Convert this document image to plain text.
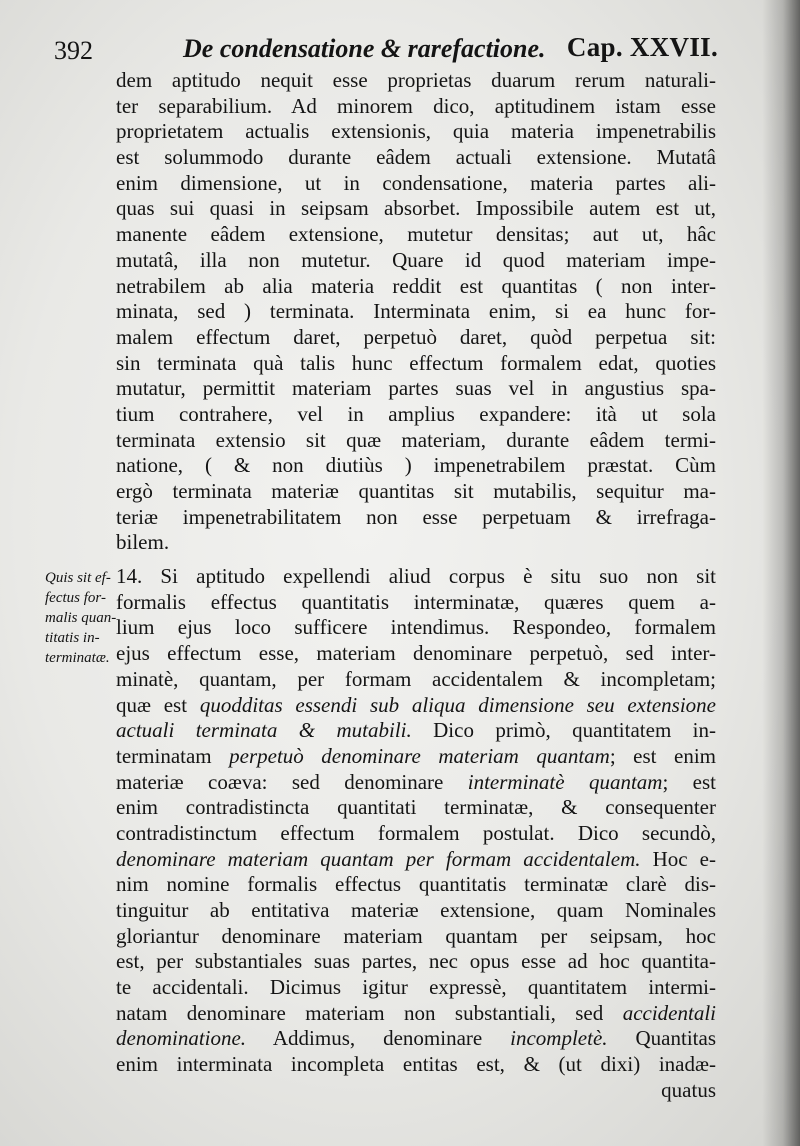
392	De condensatione & rarefactione. Cap. XXVII.
Quis sit ef-
fectus for-
malis quan-
titatis in-
terminatæ.
dem aptitudo nequit esse proprietas duarum rerum naturali-
ter separabilium. Ad minorem dico, aptitudinem istam esse
proprietatem actualis extensionis, quia materia impenetrabilis
est solummodo durante eâdem actuali extensione. Mutatâ
enim dimensione, ut in condensatione, materia partes ali-
quas sui quasi in seipsam absorbet. Impossibile autem est ut,
manente eâdem extensione, mutetur densitas; aut ut, hâc
mutatâ, illa non mutetur. Quare id quod materiam impe-
netrabilem ab alia materia reddit est quantitas ( non inter-
minata, sed ) terminata. Interminata enim, si ea hunc for-
malem effectum daret, perpetuò daret, quòd perpetua sit:
sin terminata quà talis hunc effectum formalem edat, quoties
mutatur, permittit materiam partes suas vel in angustius spa-
tium contrahere, vel in amplius expandere: ità ut sola
terminata extensio sit quæ materiam, durante eâdem termi-
natione, ( & non diutiùs ) impenetrabilem præstat. Cùm
ergò terminata materiæ quantitas sit mutabilis, sequitur ma-
teriæ impenetrabilitatem non esse perpetuam & irrefraga-
bilem.
14. Si aptitudo expellendi aliud corpus è situ suo non sit
formalis effectus quantitatis interminatæ, quæres quem a-
lium ejus loco sufficere intendimus. Respondeo, formalem
ejus effectum esse, materiam denominare perpetuò, sed inter-
minatè, quantam, per formam accidentalem & incompletam;
quæ est quodditas essendi sub aliqua dimensione seu extensione
actuali terminata & mutabili. Dico primò, quantitatem in-
terminatam perpetuò denominare materiam quantam; est enim
materiæ coæva: sed denominare interminatè quantam; est
enim contradistincta quantitati terminatæ, & consequenter
contradistinctum effectum formalem postulat. Dico secundò,
denominare materiam quantam per formam accidentalem. Hoc e-
nim nomine formalis effectus quantitatis terminatæ clarè dis-
tinguitur ab entitativa materiæ extensione, quam Nominales
gloriantur denominare materiam quantam per seipsam, hoc
est, per substantiales suas partes, nec opus esse ad hoc quantita-
te accidentali. Dicimus igitur expressè, quantitatem intermi-
natam denominare materiam non substantiali, sed accidentali
denominatione. Addimus, denominare incompletè. Quantitas
enim interminata incompleta entitas est, & (ut dixi) inadæ-
quatus
